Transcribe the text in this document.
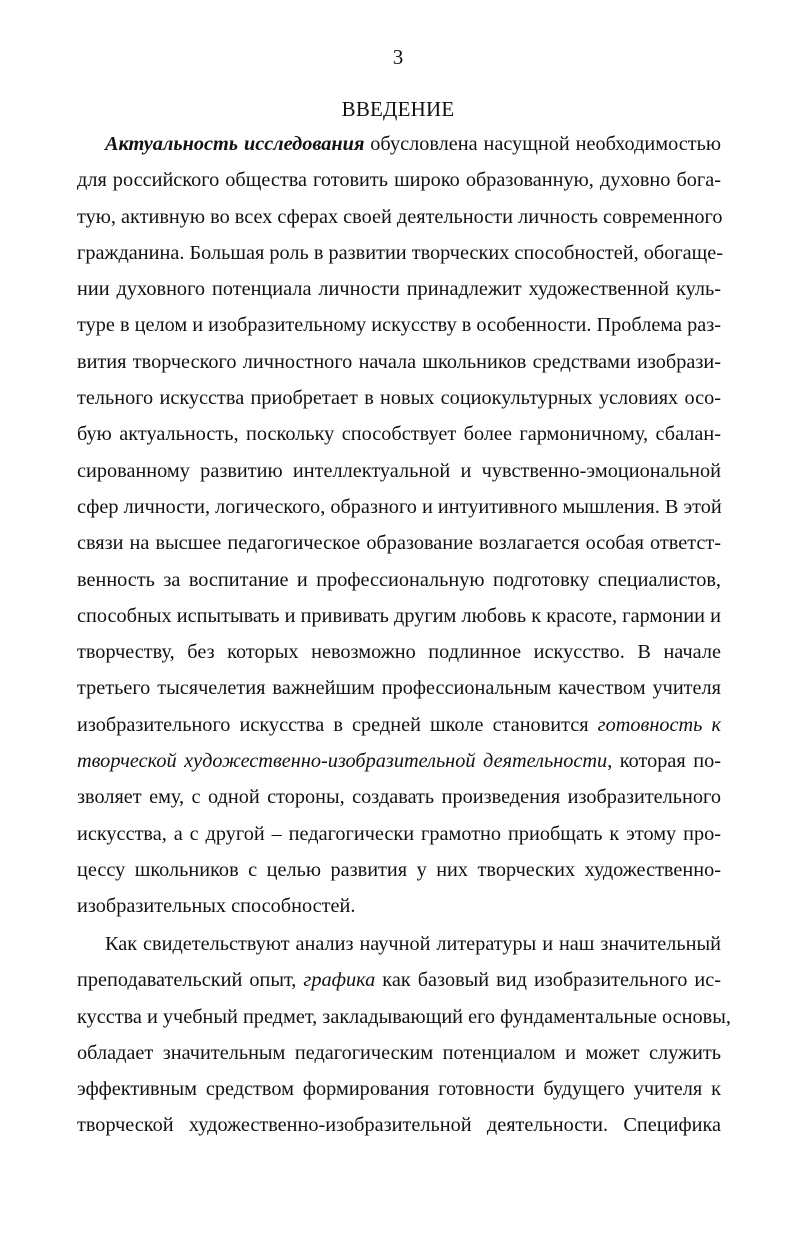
3
ВВЕДЕНИЕ
Актуальность исследования обусловлена насущной необходимостью
для российского общества готовить широко образованную, духовно бога-
тую, активную во всех сферах своей деятельности личность современного
гражданина. Большая роль в развитии творческих способностей, обогаще-
нии духовного потенциала личности принадлежит художественной куль-
туре в целом и изобразительному искусству в особенности. Проблема раз-
вития творческого личностного начала школьников средствами изобрази-
тельного искусства приобретает в новых социокультурных условиях осо-
бую актуальность, поскольку способствует более гармоничному, сбалан-
сированному развитию интеллектуальной и чувственно-эмоциональной
сфер личности, логического, образного и интуитивного мышления. В этой
связи на высшее педагогическое образование возлагается особая ответст-
венность за воспитание и профессиональную подготовку специалистов,
способных испытывать и прививать другим любовь к красоте, гармонии и
творчеству, без которых невозможно подлинное искусство. В начале
третьего тысячелетия важнейшим профессиональным качеством учителя
изобразительного искусства в средней школе становится готовность к
творческой художественно-изобразительной деятельности, которая по-
зволяет ему, с одной стороны, создавать произведения изобразительного
искусства, а с другой – педагогически грамотно приобщать к этому про-
цессу школьников с целью развития у них творческих художественно-
изобразительных способностей.
Как свидетельствуют анализ научной литературы и наш значительный
преподавательский опыт, графика как базовый вид изобразительного ис-
кусства и учебный предмет, закладывающий его фундаментальные основы,
обладает значительным педагогическим потенциалом и может служить
эффективным средством формирования готовности будущего учителя к
творческой художественно-изобразительной деятельности. Специфика
